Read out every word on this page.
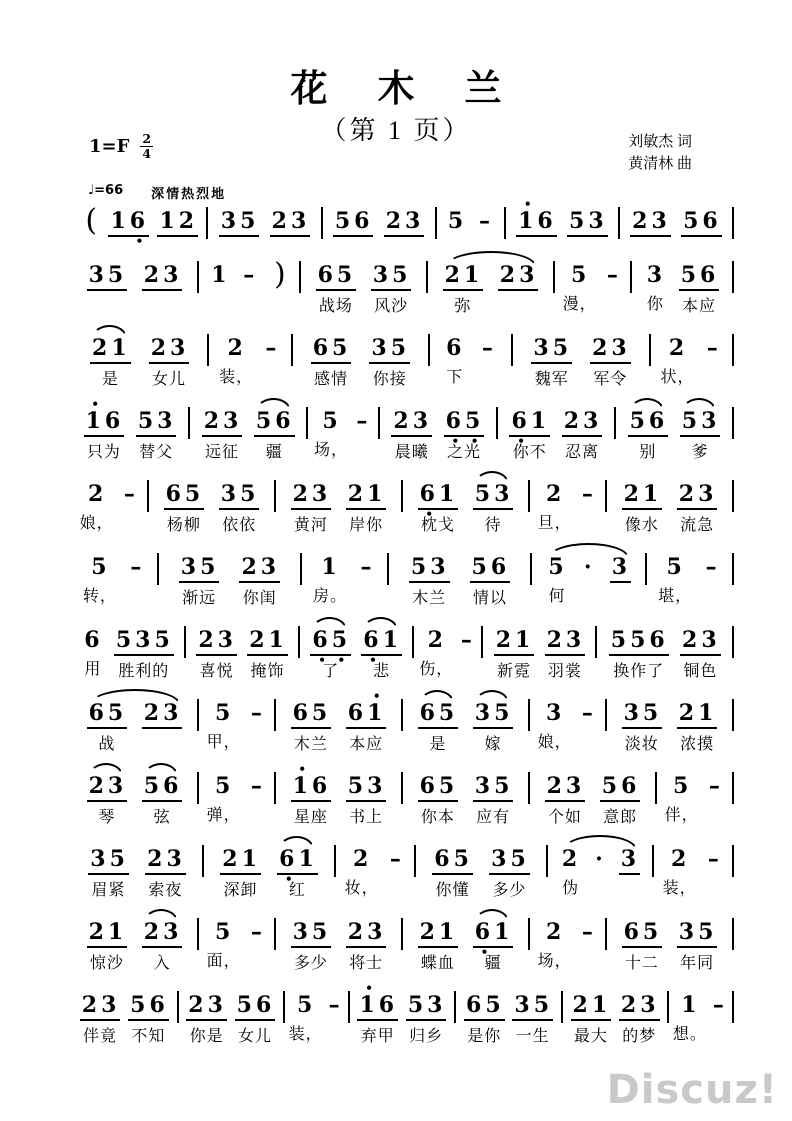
花木兰
（第 1 页）
$1=F \frac{2}{4}$	刘敏杰 词
黄清林 曲
♩=66 深情热烈地
( 1 6
•
1 2 3 5 2 3 5 6 2 3 5 – 1
•
6 5 3 2 3 5 6
3 5 2 3 1 – ) 6 5
战场
3 5
风沙
2 1
弥
2 3 5
漫，
– 3
你
5 6
本应
2 1
是
2 3
女儿
2
装，
– 6 5
感情
3 5
你接
6
下
– 3 5
魏军
2 3
军令
2
状，
–
1
•
6
只为
5 3
替父
2 3
远征
5 6
疆
5
场，
– 2 3
晨曦
6
•
5
•
之光
6
•
1
你不
2 3
忍离
5 6
别
5 3
爹
2
娘，
– 6 5
杨柳
3 5
依依
2 3
黄河
2 1
岸你
6
•
1
枕戈
5 3
待
2
旦，
– 2 1
像水
2 3
流急
5
转，
– 3 5
渐远
2 3
你闺
1
房。
– 5 3
木兰
5 6
情以
5
何
· 3 5
堪，
–
6
用
5 3 5
胜利的
2 3
喜悦
2 1
掩饰
6
•
5
•
了
6
•
1
悲
2
伤，
– 2 1
新霓
2 3
羽裳
5 5 6
换作了
2 3
铜色
6 5
战
2 3 5
甲，
– 6 5
木兰
6 1
•
本应
6 5
是
3 5
嫁
3
娘，
– 3 5
淡妆
2 1
浓摸
2 3
琴
5 6
弦
5
弹，
– 1
•
6
星座
5 3
书上
6 5
你本
3 5
应有
2 3
个如
5 6
意郎
5
伴，
–
3 5
眉紧
2 3
索夜
2 1
深卸
6
•
1
红
2
妆，
– 6 5
你懂
3 5
多少
2
伪
· 3 2
装，
–
2 1
惊沙
2 3
入
5
面，
– 3 5
多少
2 3
将士
2 1
蝶血
6
•
1
疆
2
场，
– 6 5
十二
3 5
年同
2 3
伴竟
5 6
不知
2 3
你是
5 6
女儿
5
装，
– 1
•
6
弃甲
5 3
归乡
6 5
是你
3 5
一生
2 1
最大
2 3
的梦
1
想。
–
Discuz!
